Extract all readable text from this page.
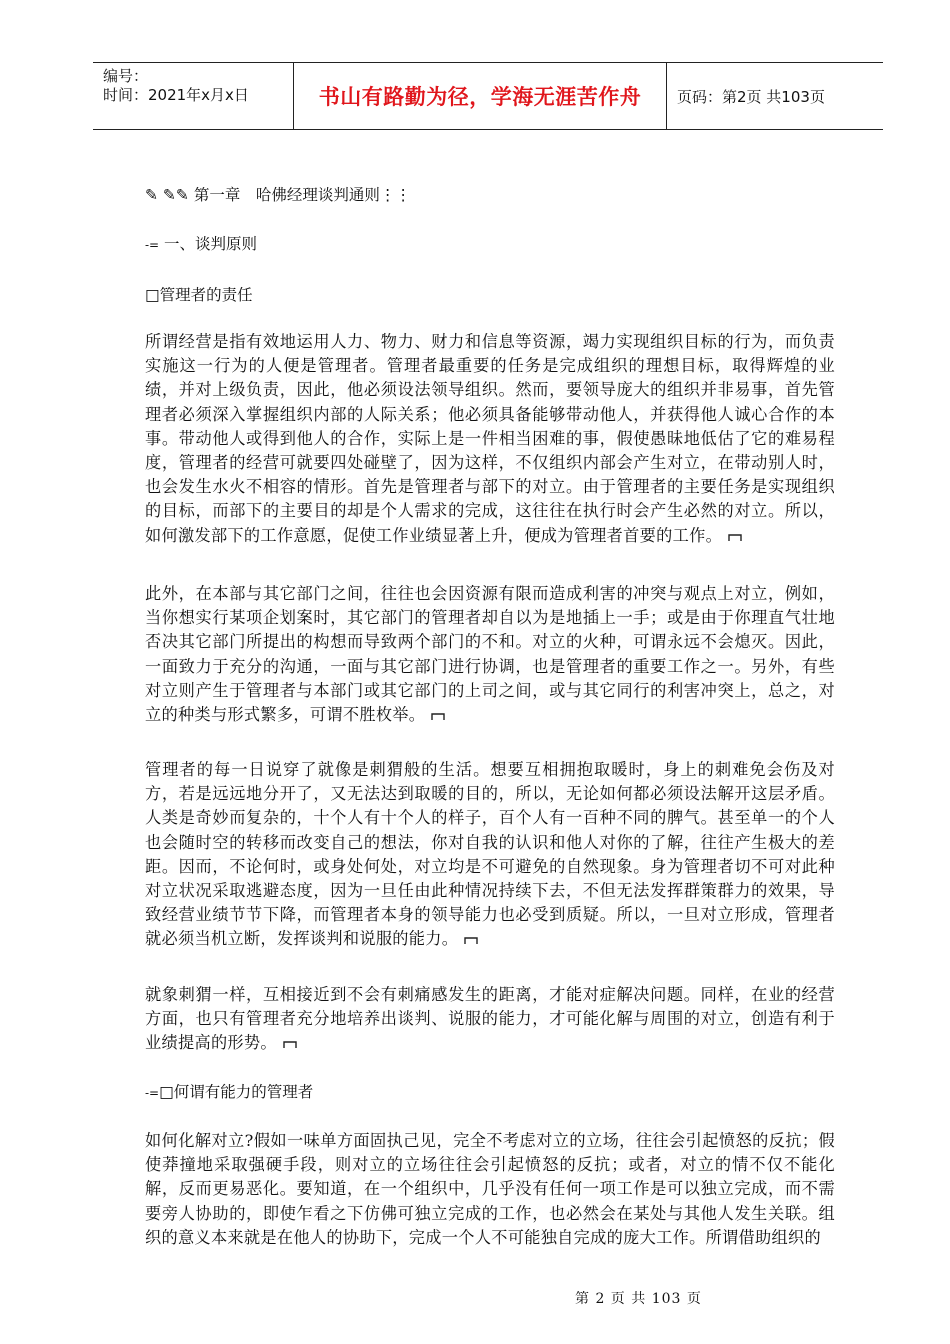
编号：
时间：2021年x月x日	书山有路勤为径，学海无涯苦作舟	页码：第2页 共103页
✎ ✎✎ 第一章　哈佛经理谈判通则⋮⋮
-= 一、谈判原则
□管理者的责任
所谓经营是指有效地运用人力、物力、财力和信息等资源，竭力实现组织目标的行为，而负责实施这一行为的人便是管理者。管理者最重要的任务是完成组织的理想目标，取得辉煌的业绩，并对上级负责，因此，他必须设法领导组织。然而，要领导庞大的组织并非易事，首先管理者必须深入掌握组织内部的人际关系；他必须具备能够带动他人，并获得他人诚心合作的本事。带动他人或得到他人的合作，实际上是一件相当困难的事，假使愚昧地低估了它的难易程度，管理者的经营可就要四处碰壁了，因为这样，不仅组织内部会产生对立，在带动别人时，也会发生水火不相容的情形。首先是管理者与部下的对立。由于管理者的主要任务是实现组织的目标，而部下的主要目的却是个人需求的完成，这往往在执行时会产生必然的对立。所以，如何激发部下的工作意愿，促使工作业绩显著上升，便成为管理者首要的工作。
此外，在本部与其它部门之间，往往也会因资源有限而造成利害的冲突与观点上对立，例如，当你想实行某项企划案时，其它部门的管理者却自以为是地插上一手；或是由于你理直气壮地否决其它部门所提出的构想而导致两个部门的不和。对立的火种，可谓永远不会熄灭。因此，一面致力于充分的沟通，一面与其它部门进行协调，也是管理者的重要工作之一。另外，有些对立则产生于管理者与本部门或其它部门的上司之间，或与其它同行的利害冲突上，总之，对立的种类与形式繁多，可谓不胜枚举。
管理者的每一日说穿了就像是刺猬般的生活。想要互相拥抱取暖时，身上的刺难免会伤及对方，若是远远地分开了，又无法达到取暖的目的，所以，无论如何都必须设法解开这层矛盾。人类是奇妙而复杂的，十个人有十个人的样子，百个人有一百种不同的脾气。甚至单一的个人也会随时空的转移而改变自己的想法，你对自我的认识和他人对你的了解，往往产生极大的差距。因而，不论何时，或身处何处，对立均是不可避免的自然现象。身为管理者切不可对此种对立状况采取逃避态度，因为一旦任由此种情况持续下去，不但无法发挥群策群力的效果，导致经营业绩节节下降，而管理者本身的领导能力也必受到质疑。所以，一旦对立形成，管理者就必须当机立断，发挥谈判和说服的能力。
就象刺猬一样，互相接近到不会有刺痛感发生的距离，才能对症解决问题。同样，在业的经营方面，也只有管理者充分地培养出谈判、说服的能力，才可能化解与周围的对立，创造有利于业绩提高的形势。
-=□何谓有能力的管理者
如何化解对立?假如一味单方面固执己见，完全不考虑对立的立场，往往会引起愤怒的反抗；假使莽撞地采取强硬手段，则对立的立场往往会引起愤怒的反抗；或者，对立的情不仅不能化解，反而更易恶化。要知道，在一个组织中，几乎没有任何一项工作是可以独立完成，而不需要旁人协助的，即使乍看之下仿佛可独立完成的工作，也必然会在某处与其他人发生关联。组织的意义本来就是在他人的协助下，完成一个人不可能独自完成的庞大工作。所谓借助组织的
第 2 页 共 103 页
